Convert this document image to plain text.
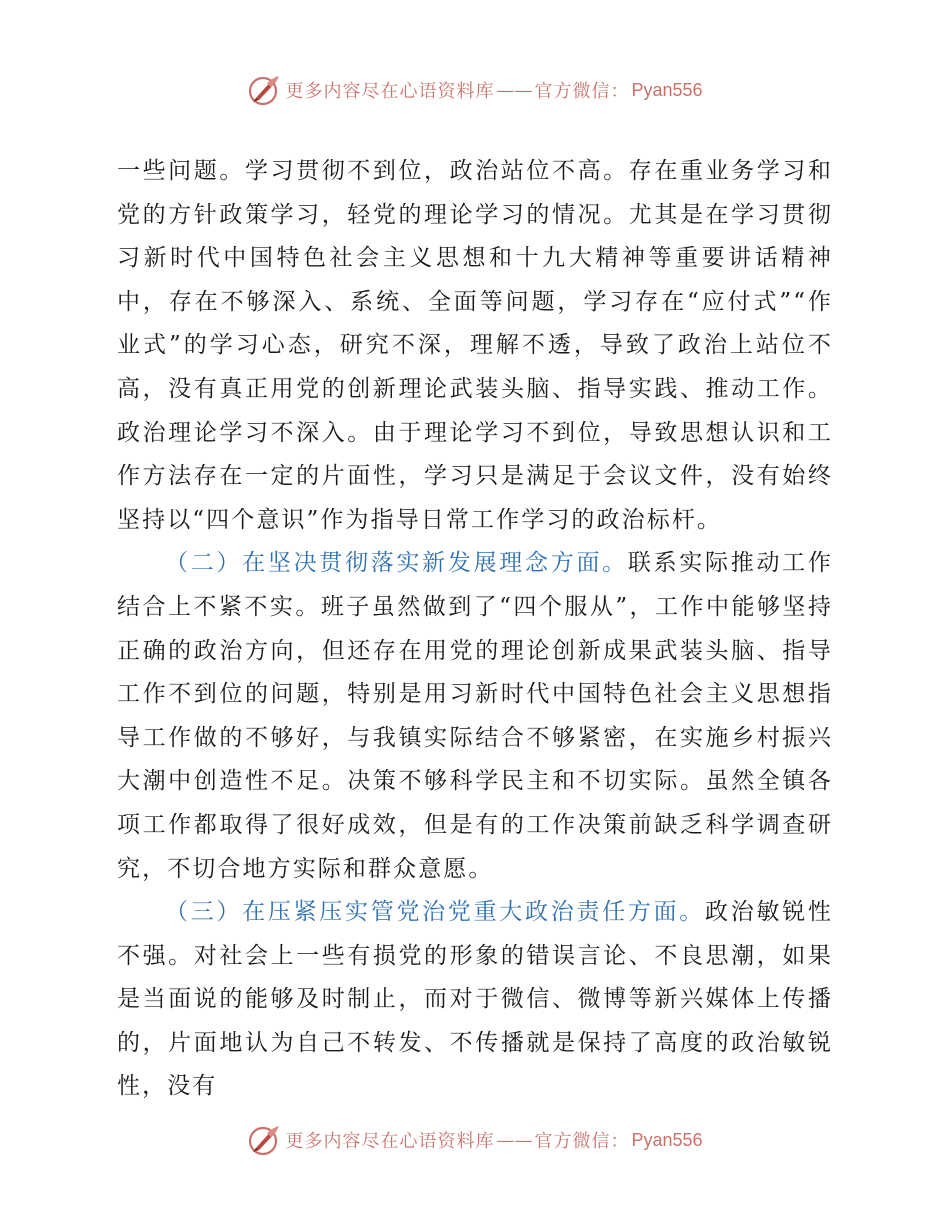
更多内容尽在心语资料库 —— 官方微信： Pyan556

一些问题。学习贯彻不到位，政治站位不高。存在重业务学习和党的方针政策学习，轻党的理论学习的情况。尤其是在学习贯彻习新时代中国特色社会主义思想和十九大精神等重要讲话精神中，存在不够深入、系统、全面等问题，学习存在“应付式”“作业式”的学习心态，研究不深，理解不透，导致了政治上站位不高，没有真正用党的创新理论武装头脑、指导实践、推动工作。政治理论学习不深入。由于理论学习不到位，导致思想认识和工作方法存在一定的片面性，学习只是满足于会议文件，没有始终坚持以“四个意识”作为指导日常工作学习的政治标杆。

（二）在坚决贯彻落实新发展理念方面。联系实际推动工作结合上不紧不实。班子虽然做到了“四个服从”，工作中能够坚持正确的政治方向，但还存在用党的理论创新成果武装头脑、指导工作不到位的问题，特别是用习新时代中国特色社会主义思想指导工作做的不够好，与我镇实际结合不够紧密，在实施乡村振兴大潮中创造性不足。决策不够科学民主和不切实际。虽然全镇各项工作都取得了很好成效，但是有的工作决策前缺乏科学调查研究，不切合地方实际和群众意愿。

（三）在压紧压实管党治党重大政治责任方面。政治敏锐性不强。对社会上一些有损党的形象的错误言论、不良思潮，如果是当面说的能够及时制止，而对于微信、微博等新兴媒体上传播的，片面地认为自己不转发、不传播就是保持了高度的政治敏锐性，没有

更多内容尽在心语资料库 —— 官方微信： Pyan556
